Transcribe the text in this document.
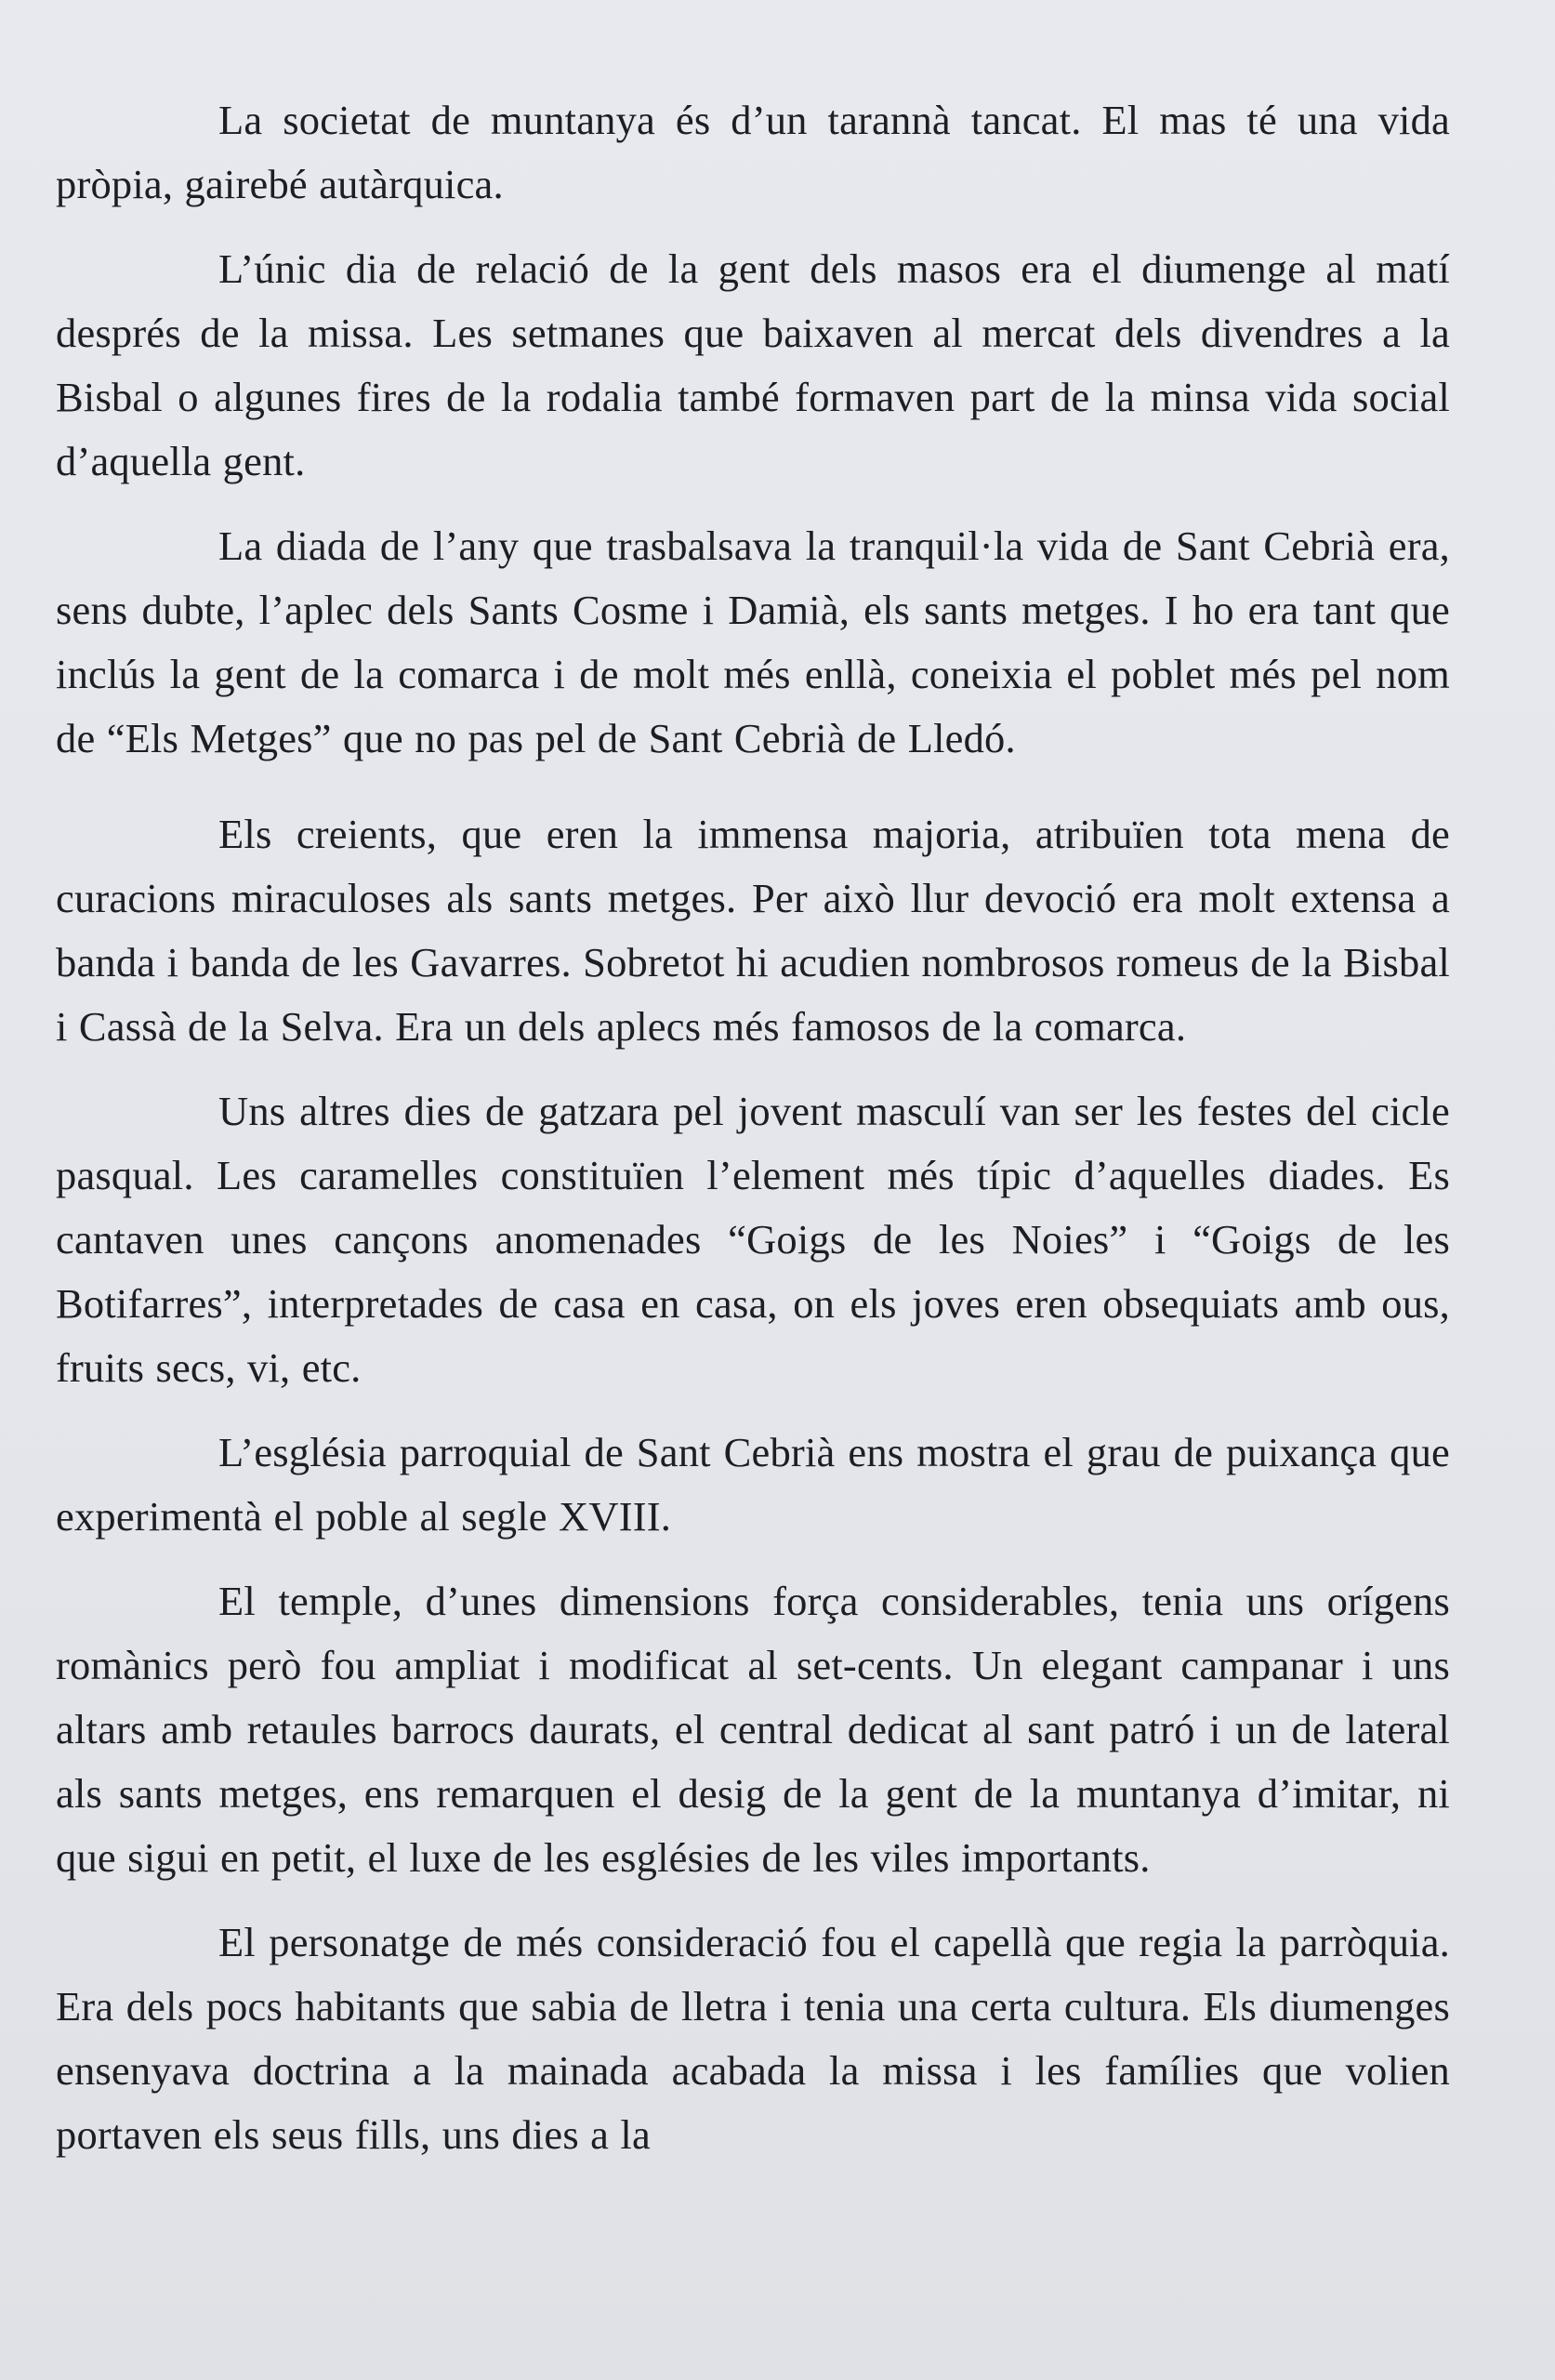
La societat de muntanya és d’un tarannà tancat. El mas té una vida pròpia, gairebé autàrquica.

L’únic dia de relació de la gent dels masos era el diumenge al matí després de la missa. Les setmanes que baixaven al mercat dels divendres a la Bisbal o algunes fires de la rodalia també formaven part de la minsa vida social d’aquella gent.

La diada de l’any que trasbalsava la tranquil·la vida de Sant Cebrià era, sens dubte, l’aplec dels Sants Cosme i Damià, els sants metges. I ho era tant que inclús la gent de la comarca i de molt més enllà, coneixia el poblet més pel nom de “Els Metges” que no pas pel de Sant Cebrià de Lledó.

Els creients, que eren la immensa majoria, atribuïen tota mena de curacions miraculoses als sants metges. Per això llur devoció era molt extensa a banda i banda de les Gavarres. Sobretot hi acudien nombrosos romeus de la Bisbal i Cassà de la Selva. Era un dels aplecs més famosos de la comarca.

Uns altres dies de gatzara pel jovent masculí van ser les festes del cicle pasqual. Les caramelles constituïen l’element més típic d’aquelles diades. Es cantaven unes cançons anomenades “Goigs de les Noies” i “Goigs de les Botifarres”, interpretades de casa en casa, on els joves eren obsequiats amb ous, fruits secs, vi, etc.

L’església parroquial de Sant Cebrià ens mostra el grau de puixança que experimentà el poble al segle XVIII.

El temple, d’unes dimensions força considerables, tenia uns orígens romànics però fou ampliat i modificat al set-cents. Un elegant campanar i uns altars amb retaules barrocs daurats, el central dedicat al sant patró i un de lateral als sants metges, ens remarquen el desig de la gent de la muntanya d’imitar, ni que sigui en petit, el luxe de les esglésies de les viles importants.

El personatge de més consideració fou el capellà que regia la parròquia. Era dels pocs habitants que sabia de lletra i tenia una certa cultura. Els diumenges ensenyava doctrina a la mainada acabada la missa i les famílies que volien portaven els seus fills, uns dies a la
